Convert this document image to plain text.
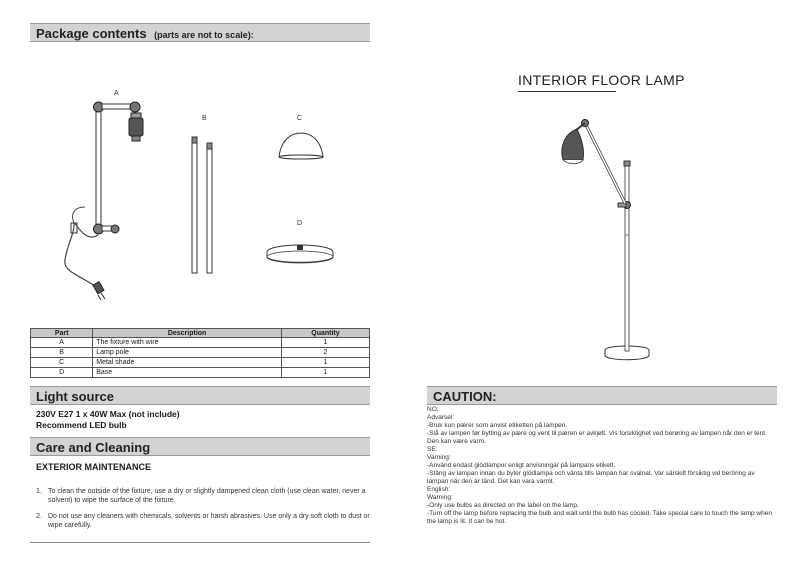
Package contents (parts are not to scale):
A
B	C
D
Part	Description	Quantity
A	The fixture with wire	1
B	Lamp pole	2
C	Metal shade	1
D	Base	1
Light source
230V E27 1 x 40W Max (not include)
Recommend LED bulb
Care and Cleaning
EXTERIOR MAINTENANCE
1. To clean the outside of the fixture, use a dry or slightly dampened clean cloth (use clean water, never a solvent) to wipe the surface of the fixture.
2. Do not use any cleaners with chemicals, solvents or harsh abrasives. Use only a dry soft cloth to dust or wipe carefully.
INTERIOR FLOOR LAMP
CAUTION:
NO:
Advarsel:
-Bruk kun pærer som anvist etiketten på lampen.
-Slå av lampen før bytting av pære og vent til pæren er avkjølt. Vis forsiktighet ved berøring av lampen når den er tent. Den kan være varm.
SE:
Varning:
-Använd endast glödlampor enligt anvisningar på lampans etikett.
-Stäng av lampan innan du byter glödlampa och vänta tills lampan har svalnat. Var särskilt försiktig vid beröring av lampan när den är tänd. Det kan vara varmt.
English:
Warning:
-Only use bulbs as directed on the label on the lamp.
-Turn off the lamp before replacing the bulb and wait until the bulb has cooled. Take special care to touch the lamp when the lamp is lit. It can be hot.
